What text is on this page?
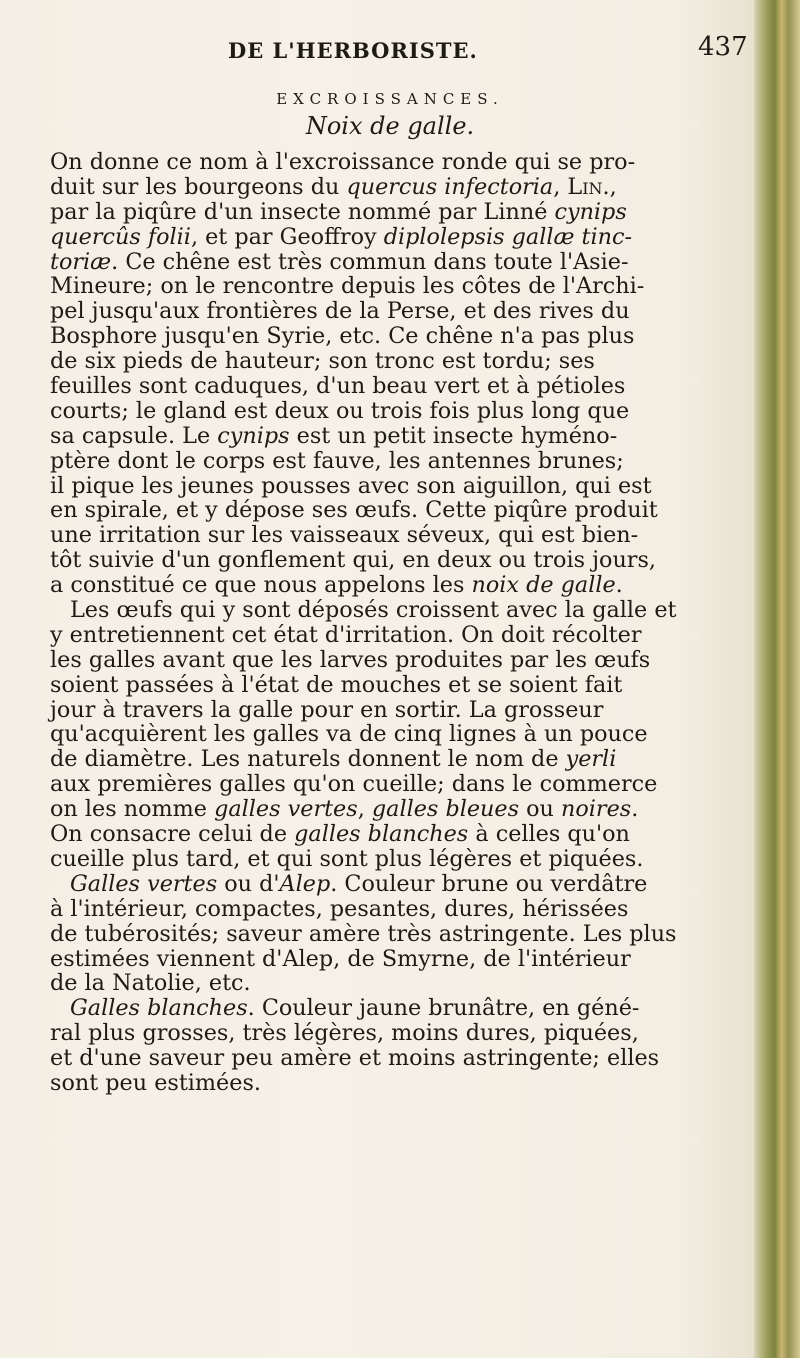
DE L'HERBORISTE.	437
EXCROISSANCES.
Noix de galle.
On donne ce nom à l'excroissance ronde qui se pro-
duit sur les bourgeons du quercus infectoria, Lin.,
par la piqûre d'un insecte nommé par Linné cynips
quercûs folii, et par Geoffroy diplolepsis gallæ tinc-
toriæ. Ce chêne est très commun dans toute l'Asie-
Mineure; on le rencontre depuis les côtes de l'Archi-
pel jusqu'aux frontières de la Perse, et des rives du
Bosphore jusqu'en Syrie, etc. Ce chêne n'a pas plus
de six pieds de hauteur; son tronc est tordu; ses
feuilles sont caduques, d'un beau vert et à pétioles
courts; le gland est deux ou trois fois plus long que
sa capsule. Le cynips est un petit insecte hyméno-
ptère dont le corps est fauve, les antennes brunes;
il pique les jeunes pousses avec son aiguillon, qui est
en spirale, et y dépose ses œufs. Cette piqûre produit
une irritation sur les vaisseaux séveux, qui est bien-
tôt suivie d'un gonflement qui, en deux ou trois jours,
a constitué ce que nous appelons les noix de galle.
Les œufs qui y sont déposés croissent avec la galle et
y entretiennent cet état d'irritation. On doit récolter
les galles avant que les larves produites par les œufs
soient passées à l'état de mouches et se soient fait
jour à travers la galle pour en sortir. La grosseur
qu'acquièrent les galles va de cinq lignes à un pouce
de diamètre. Les naturels donnent le nom de yerli
aux premières galles qu'on cueille; dans le commerce
on les nomme galles vertes, galles bleues ou noires.
On consacre celui de galles blanches à celles qu'on
cueille plus tard, et qui sont plus légères et piquées.
Galles vertes ou d'Alep. Couleur brune ou verdâtre
à l'intérieur, compactes, pesantes, dures, hérissées
de tubérosités; saveur amère très astringente. Les plus
estimées viennent d'Alep, de Smyrne, de l'intérieur
de la Natolie, etc.
Galles blanches. Couleur jaune brunâtre, en géné-
ral plus grosses, très légères, moins dures, piquées,
et d'une saveur peu amère et moins astringente; elles
sont peu estimées.
